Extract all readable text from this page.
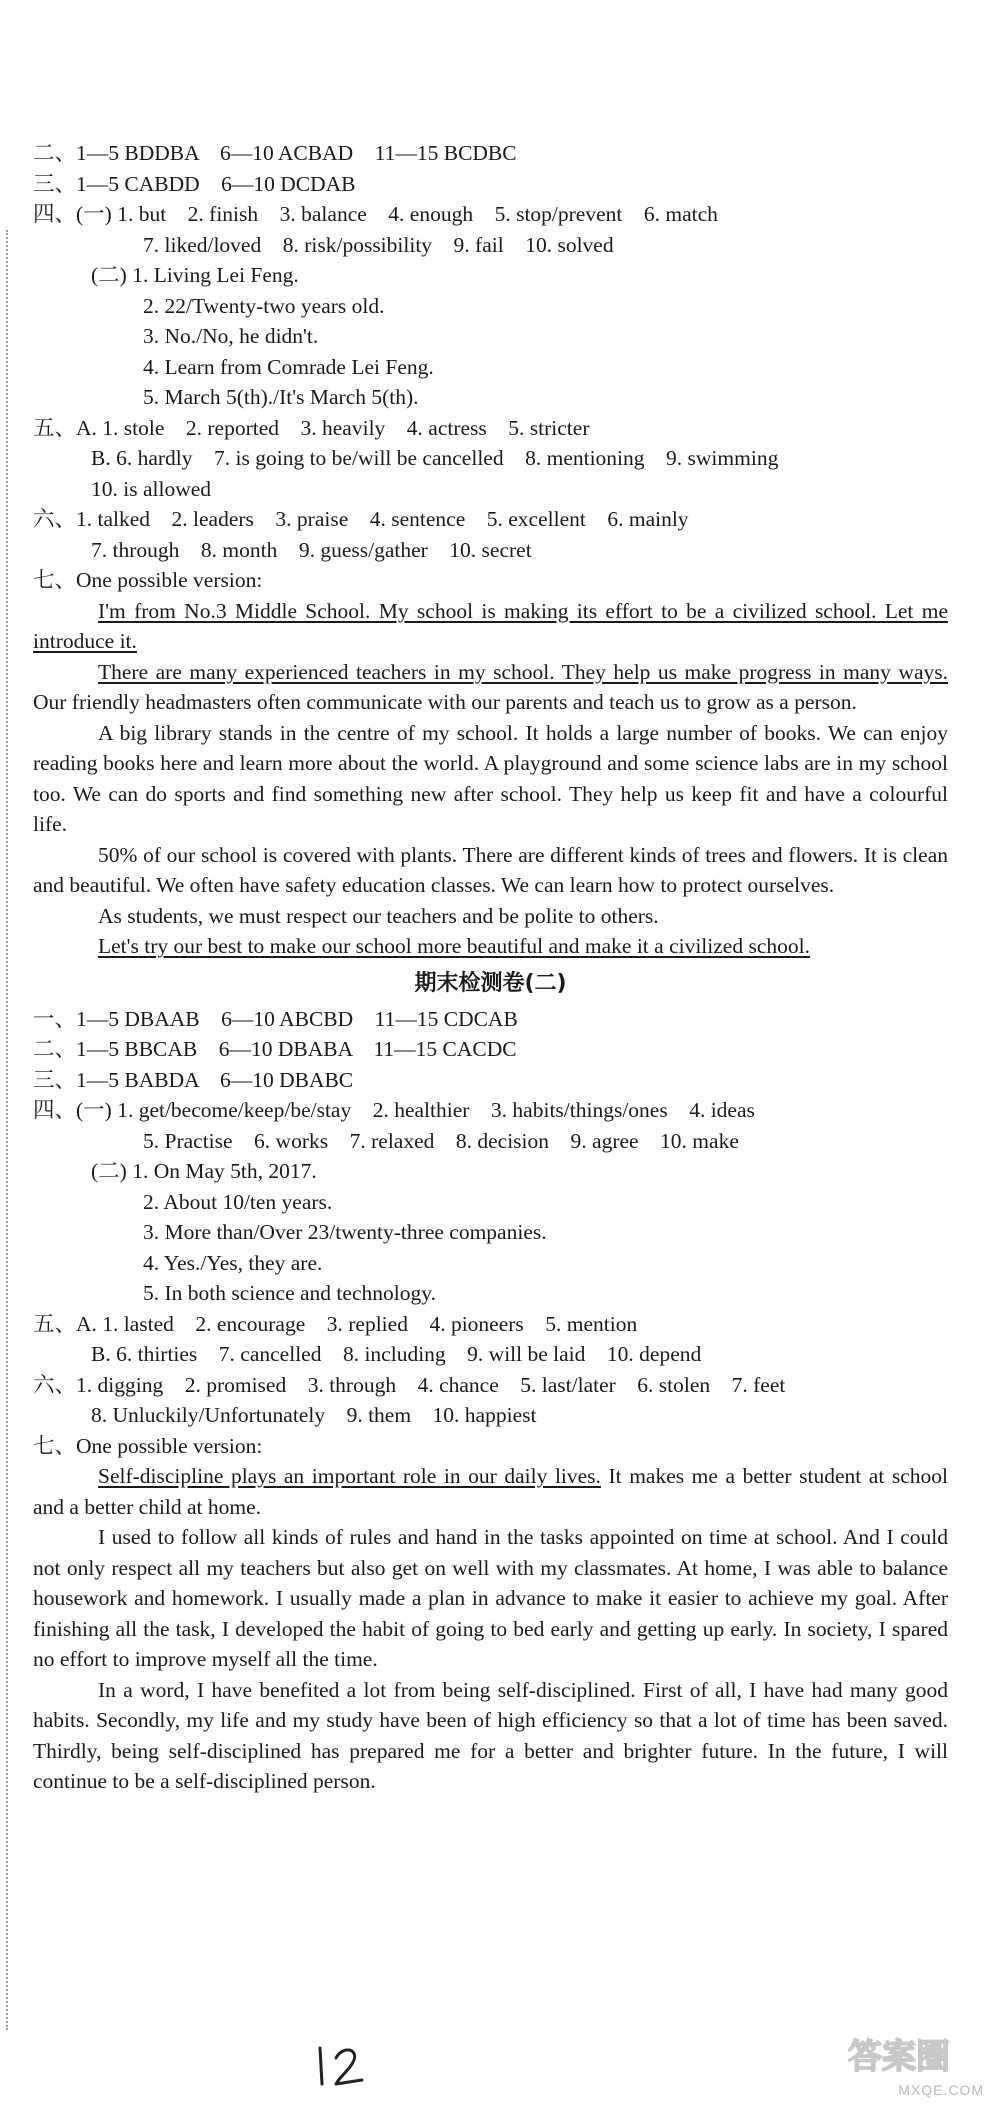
二、1—5 BDDBA　6—10 ACBAD　11—15 BCDBC
三、1—5 CABDD　6—10 DCDAB
四、(一) 1. but　2. finish　3. balance　4. enough　5. stop/prevent　6. match
7. liked/loved　8. risk/possibility　9. fail　10. solved
(二) 1. Living Lei Feng.
2. 22/Twenty-two years old.
3. No./No, he didn't.
4. Learn from Comrade Lei Feng.
5. March 5(th)./It's March 5(th).
五、A. 1. stole　2. reported　3. heavily　4. actress　5. stricter
B. 6. hardly　7. is going to be/will be cancelled　8. mentioning　9. swimming
10. is allowed
六、1. talked　2. leaders　3. praise　4. sentence　5. excellent　6. mainly
7. through　8. month　9. guess/gather　10. secret
七、One possible version:
I'm from No.3 Middle School. My school is making its effort to be a civilized school. Let me introduce it.
There are many experienced teachers in my school. They help us make progress in many ways. Our friendly headmasters often communicate with our parents and teach us to grow as a person.
A big library stands in the centre of my school. It holds a large number of books. We can enjoy reading books here and learn more about the world. A playground and some science labs are in my school too. We can do sports and find something new after school. They help us keep fit and have a colourful life.
50% of our school is covered with plants. There are different kinds of trees and flowers. It is clean and beautiful. We often have safety education classes. We can learn how to protect ourselves.
As students, we must respect our teachers and be polite to others.
Let's try our best to make our school more beautiful and make it a civilized school.
期末检测卷(二)
一、1—5 DBAAB　6—10 ABCBD　11—15 CDCAB
二、1—5 BBCAB　6—10 DBABA　11—15 CACDC
三、1—5 BABDA　6—10 DBABC
四、(一) 1. get/become/keep/be/stay　2. healthier　3. habits/things/ones　4. ideas
5. Practise　6. works　7. relaxed　8. decision　9. agree　10. make
(二) 1. On May 5th, 2017.
2. About 10/ten years.
3. More than/Over 23/twenty-three companies.
4. Yes./Yes, they are.
5. In both science and technology.
五、A. 1. lasted　2. encourage　3. replied　4. pioneers　5. mention
B. 6. thirties　7. cancelled　8. including　9. will be laid　10. depend
六、1. digging　2. promised　3. through　4. chance　5. last/later　6. stolen　7. feet
8. Unluckily/Unfortunately　9. them　10. happiest
七、One possible version:
Self-discipline plays an important role in our daily lives. It makes me a better student at school and a better child at home.
I used to follow all kinds of rules and hand in the tasks appointed on time at school. And I could not only respect all my teachers but also get on well with my classmates. At home, I was able to balance housework and homework. I usually made a plan in advance to make it easier to achieve my goal. After finishing all the task, I developed the habit of going to bed early and getting up early. In society, I spared no effort to improve myself all the time.
In a word, I have benefited a lot from being self-disciplined. First of all, I have had many good habits. Secondly, my life and my study have been of high efficiency so that a lot of time has been saved. Thirdly, being self-disciplined has prepared me for a better and brighter future. In the future, I will continue to be a self-disciplined person.
答案圈
MXQE.COM
